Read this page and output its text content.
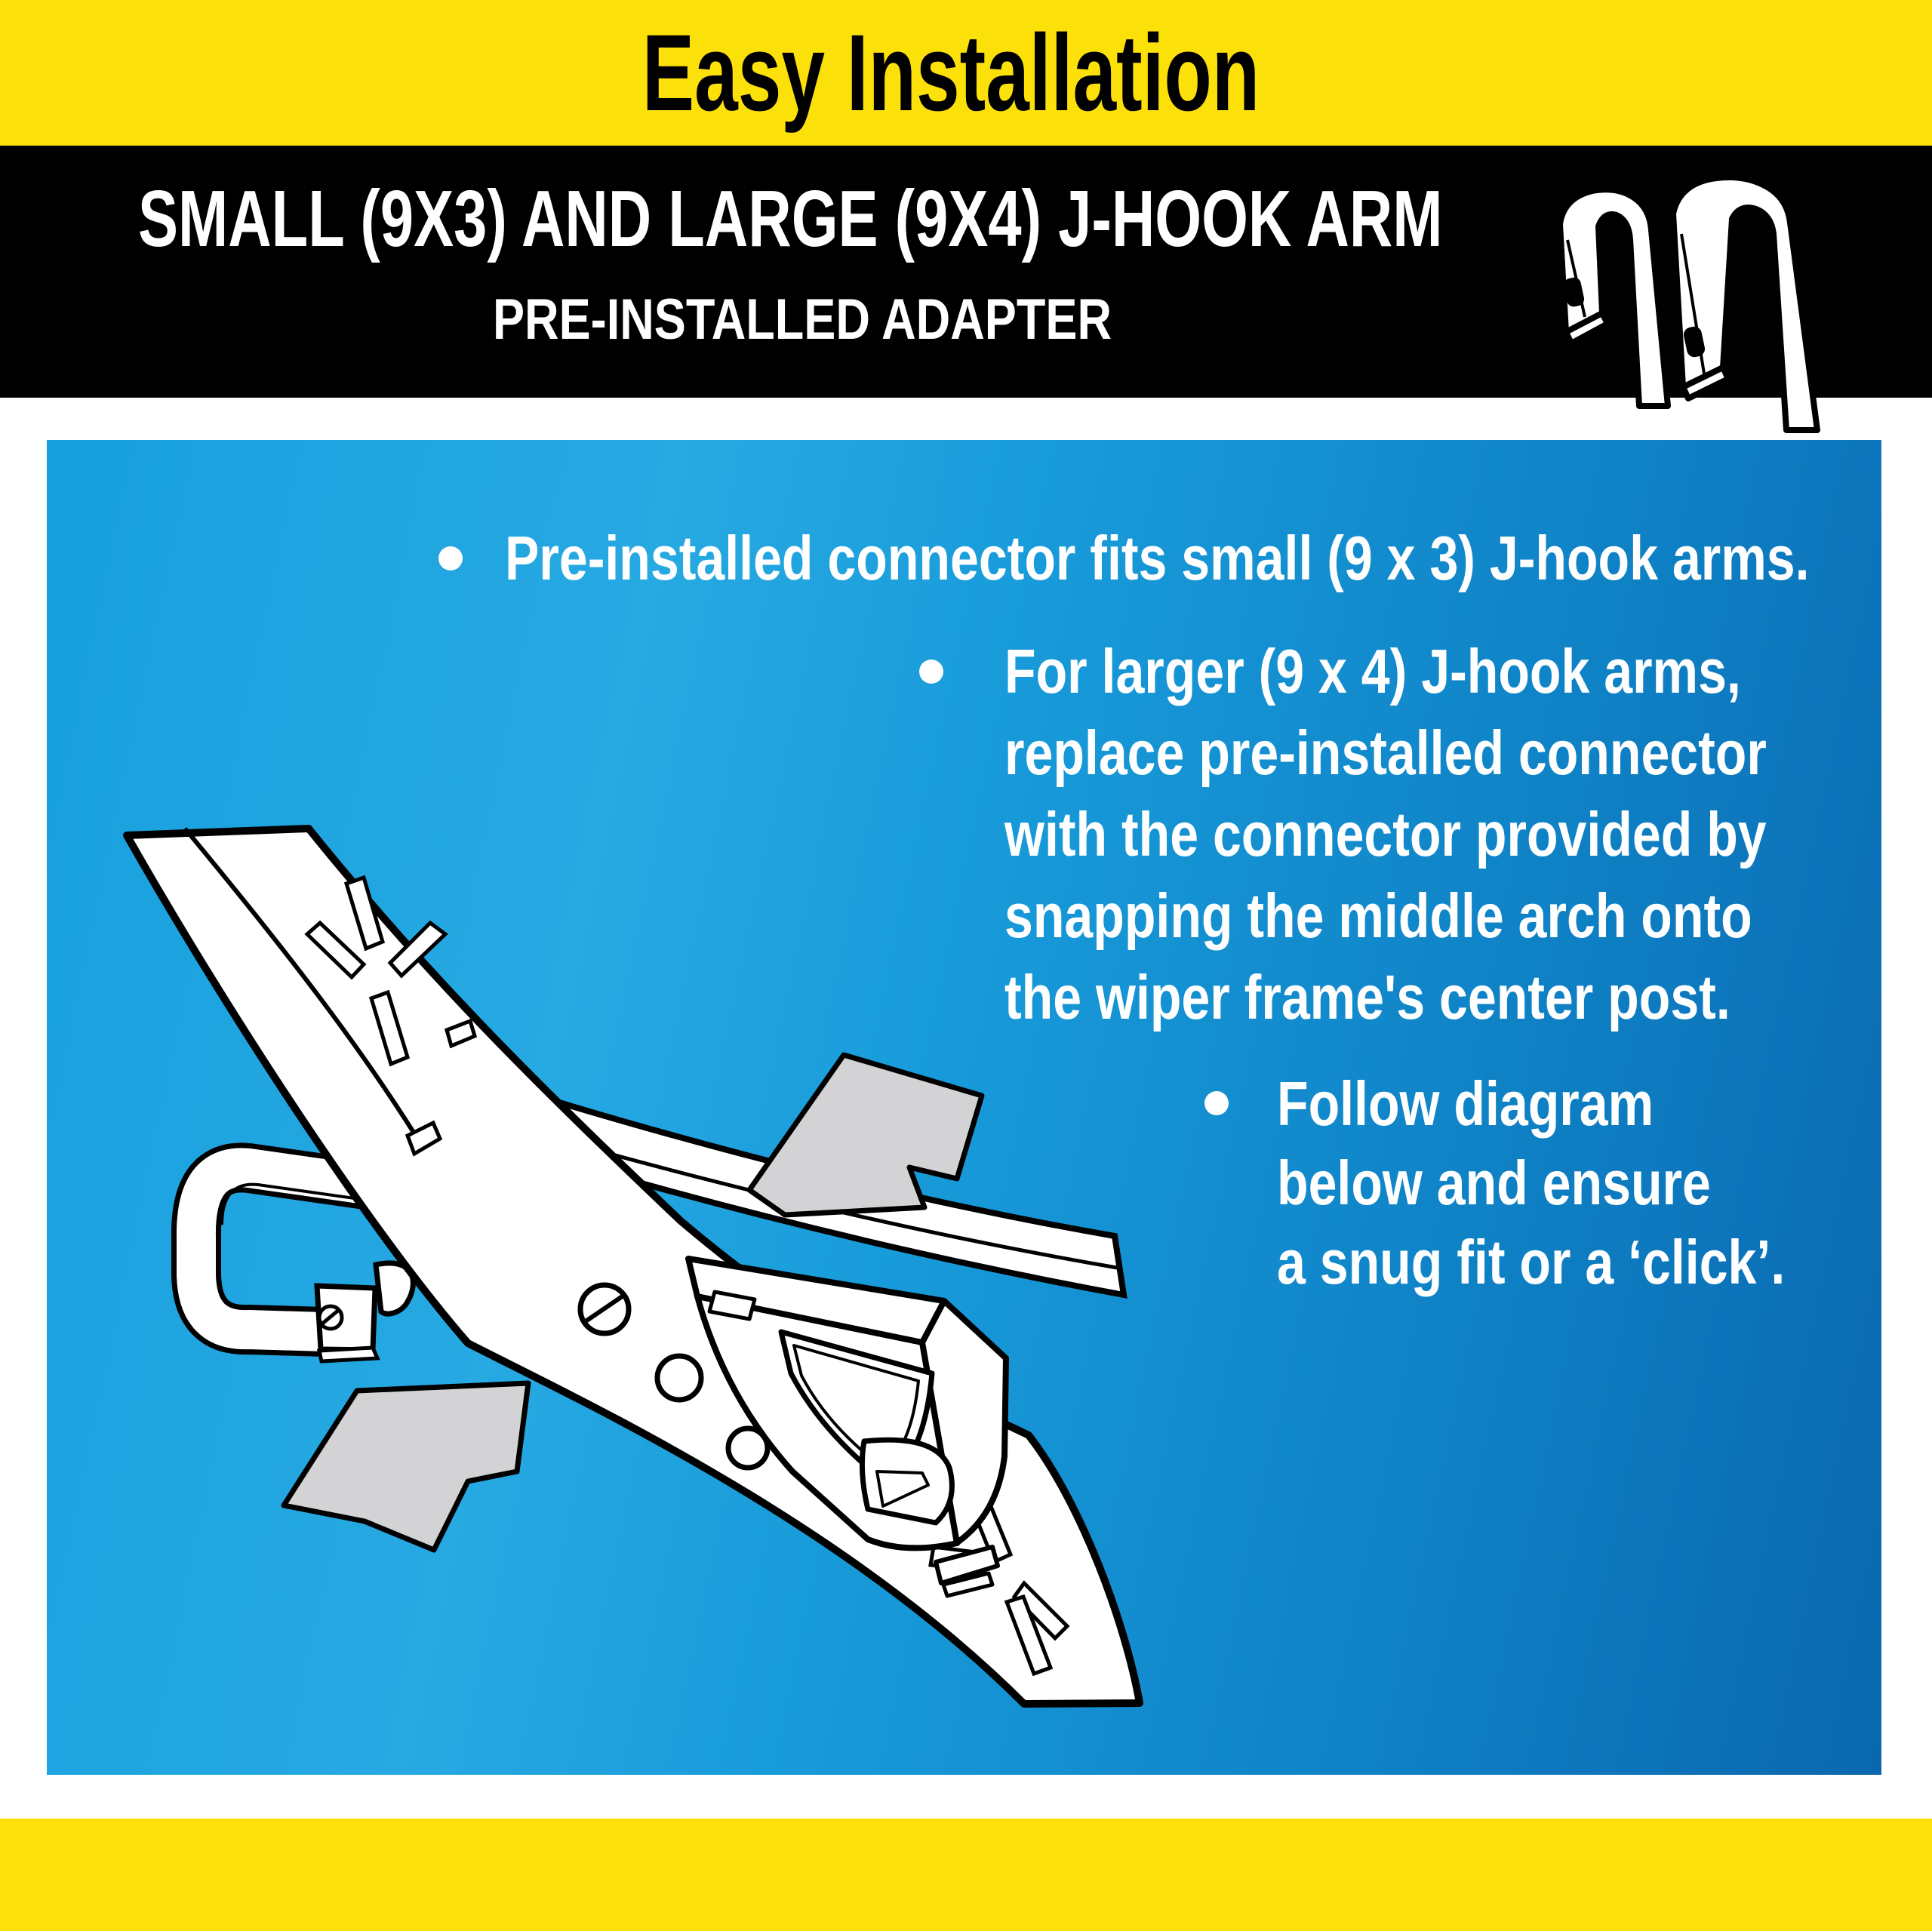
Easy Installation
SMALL (9X3) AND LARGE (9X4) J-HOOK ARM
PRE-INSTALLED ADAPTER
Pre-installed connector fits small (9 x 3) J-hook arms.
For larger (9 x 4) J-hook arms,
replace pre-installed connector
with the connector provided by
snapping the middle arch onto
the wiper frame's center post.
Follow diagram
below and ensure
a snug fit or a ‘click’.
